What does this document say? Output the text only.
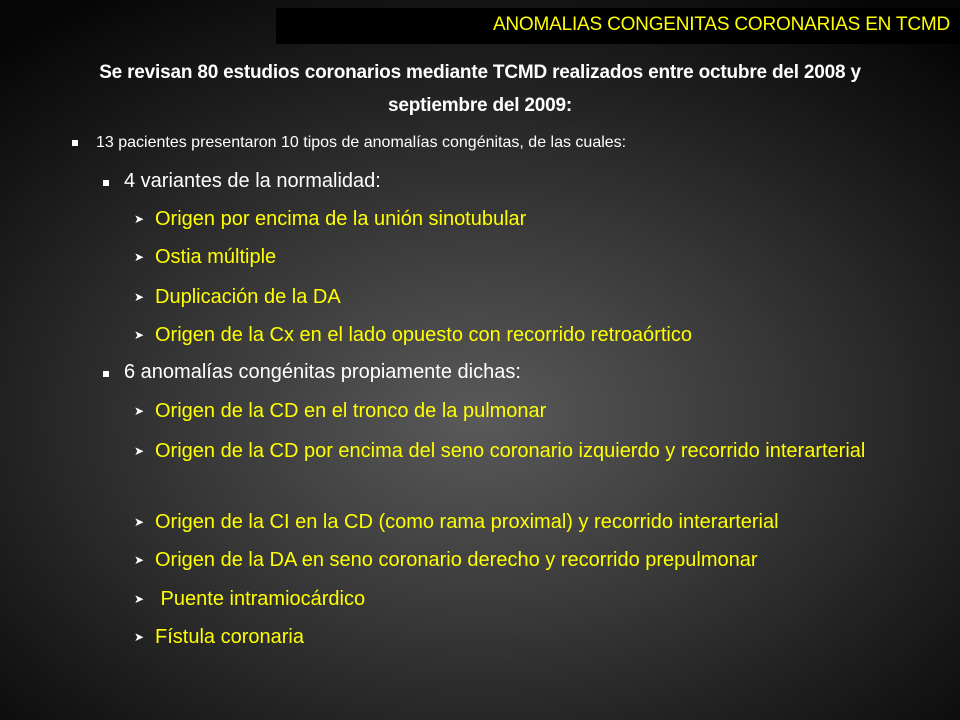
ANOMALIAS CONGENITAS CORONARIAS EN TCMD
Se revisan 80 estudios coronarios mediante TCMD realizados entre octubre del 2008 y septiembre del 2009:
13 pacientes presentaron 10 tipos de anomalías congénitas, de las cuales:
4 variantes de la normalidad:
➤ Origen por encima de la unión sinotubular
➤ Ostia múltiple
➤ Duplicación de la DA
➤ Origen de la Cx en el lado opuesto con recorrido retroaórtico
6 anomalías congénitas propiamente dichas:
➤ Origen de la CD en el tronco de la pulmonar
➤ Origen de la CD por encima del seno coronario izquierdo y recorrido interarterial
➤ Origen de la CI en la CD (como rama proximal) y recorrido interarterial
➤ Origen de la DA en seno coronario derecho y recorrido prepulmonar
➤ Puente intramiocárdico
➤ Fístula coronaria
